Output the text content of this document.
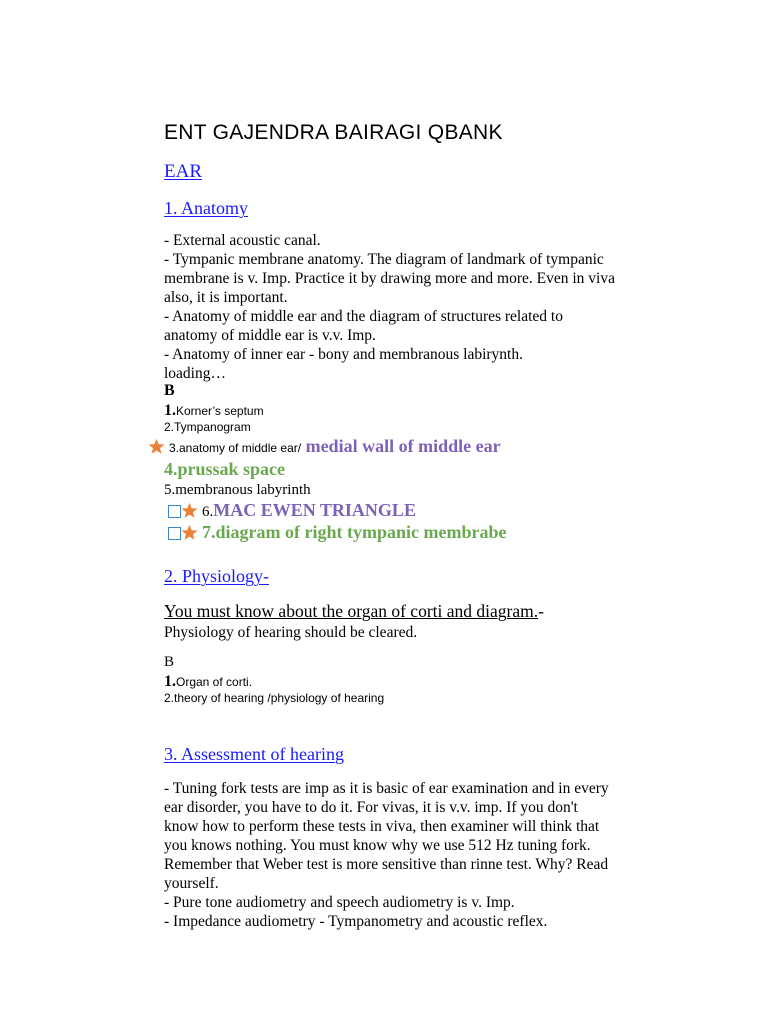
ENT GAJENDRA BAIRAGI QBANK
EAR
1. Anatomy
- External acoustic canal.
- Tympanic membrane anatomy. The diagram of landmark of tympanic
membrane is v. Imp. Practice it by drawing more and more. Even in viva
also, it is important.
- Anatomy of middle ear and the diagram of structures related to
anatomy of middle ear is v.v. Imp.
- Anatomy of inner ear - bony and membranous labirynth.
loading…
B
1.Korner’s septum
2.Tympanogram
3.anatomy of middle ear/ medial wall of middle ear
4.prussak space
5.membranous labyrinth
6.MAC EWEN TRIANGLE
7.diagram of right tympanic membrabe
2. Physiology-
You must know about the organ of corti and diagram.-
Physiology of hearing should be cleared.
B
1.Organ of corti.
2.theory of hearing /physiology of hearing
3. Assessment of hearing
- Tuning fork tests are imp as it is basic of ear examination and in every
ear disorder, you have to do it. For vivas, it is v.v. imp. If you don't
know how to perform these tests in viva, then examiner will think that
you knows nothing. You must know why we use 512 Hz tuning fork.
Remember that Weber test is more sensitive than rinne test. Why? Read
yourself.
- Pure tone audiometry and speech audiometry is v. Imp.
- Impedance audiometry - Tympanometry and acoustic reflex.
